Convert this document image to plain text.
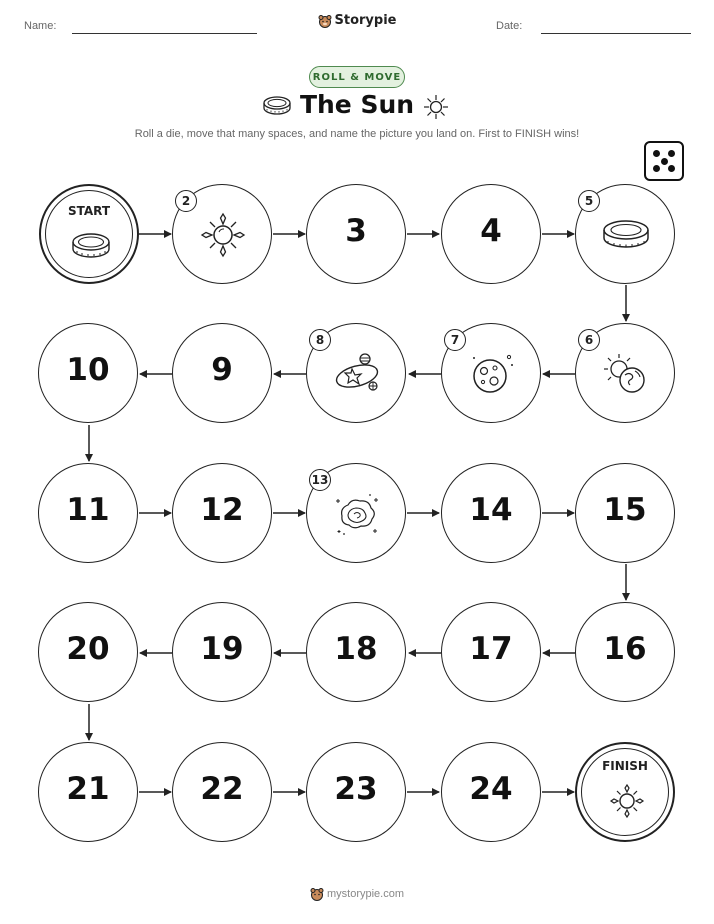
Name:	Storypie	Date:
ROLL & MOVE
The Sun
Roll a die, move that many spaces, and name the picture you land on. First to FINISH wins!
START
2
3	4
5
6
7
8
9
10
11	12
13
14	15
16
17
18
19
20
21	22	23	24
FINISH
mystorypie.com
